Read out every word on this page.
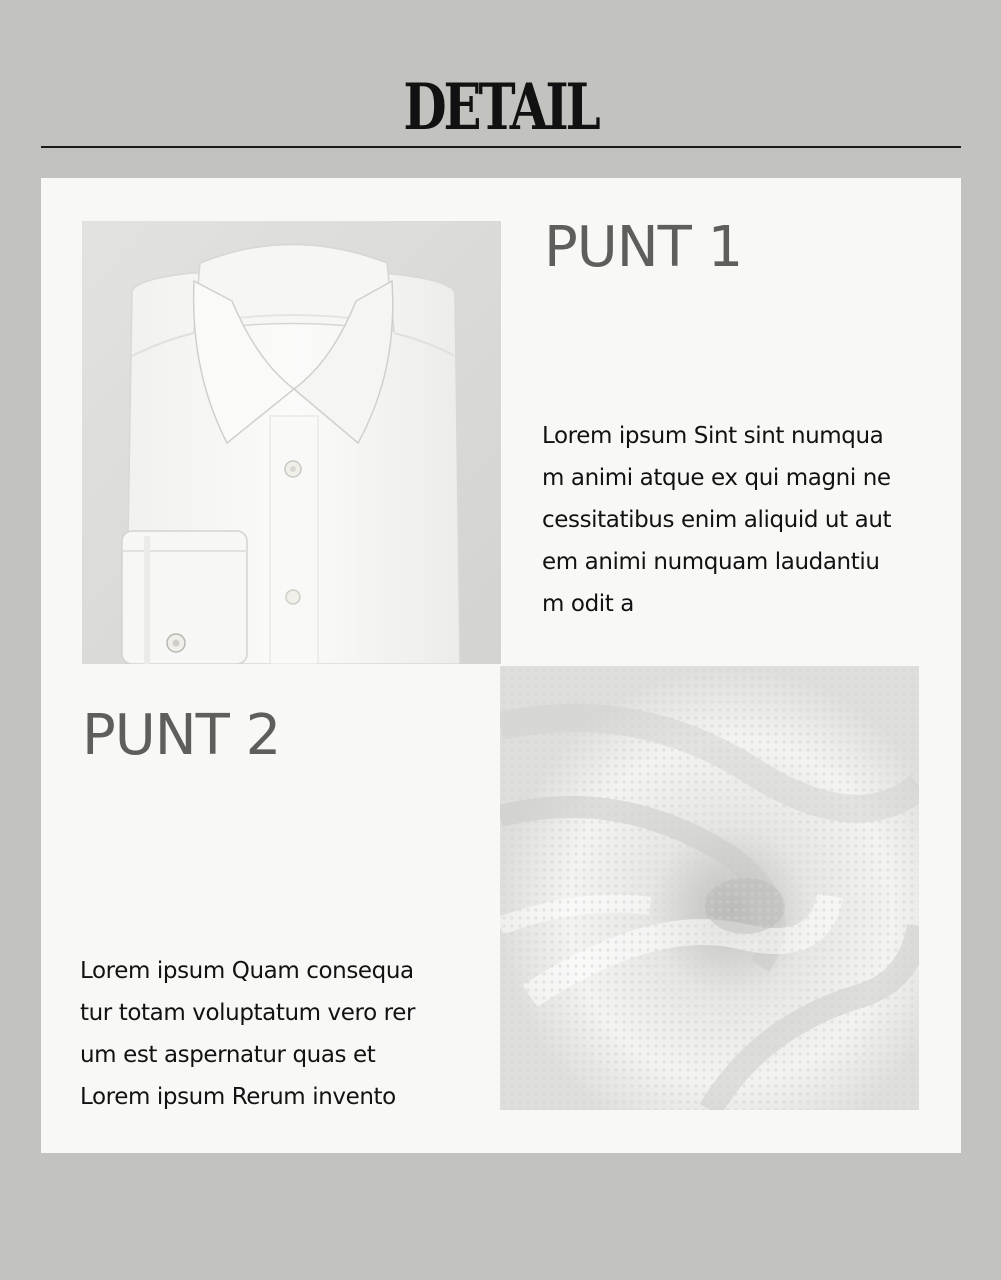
DETAIL
PUNT 1
Lorem ipsum Sint sint numqua
m animi atque ex qui magni ne
cessitatibus enim aliquid ut aut
em animi numquam laudantiu
m odit a
PUNT 2
Lorem ipsum Quam consequa
tur totam voluptatum vero rer
um est aspernatur quas et
Lorem ipsum Rerum invento
